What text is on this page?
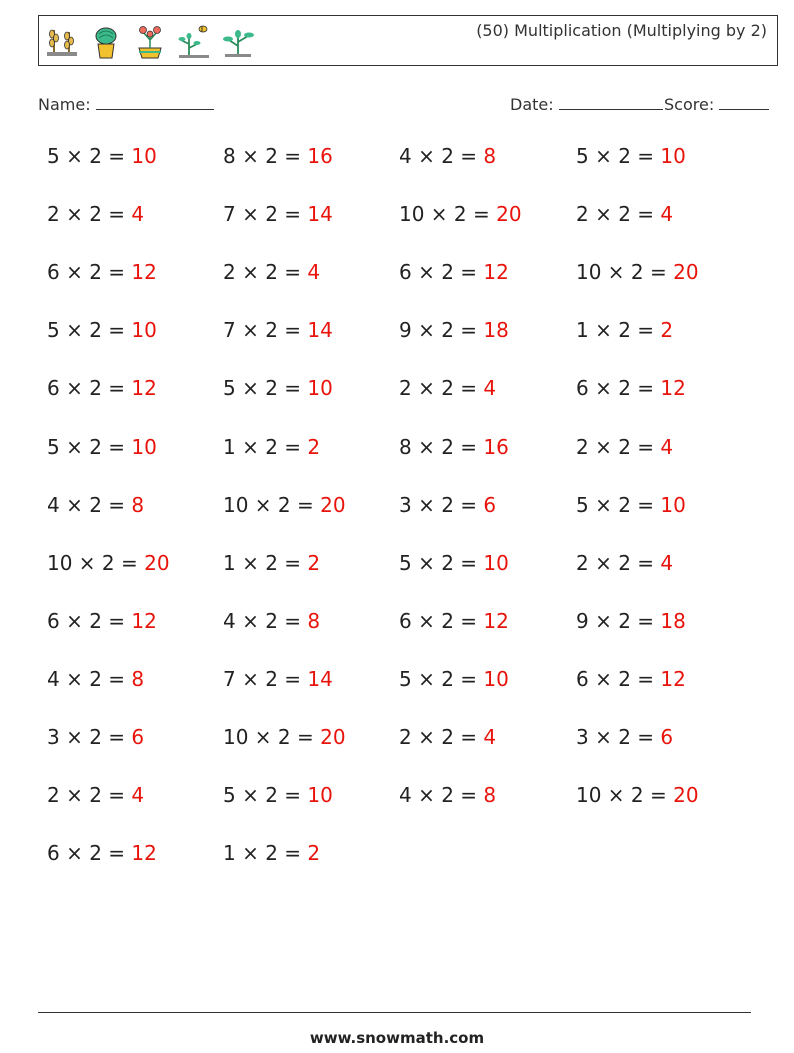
(50) Multiplication (Multiplying by 2)
Name:	Date:	Score:
5 × 2 = 10
2 × 2 = 4
6 × 2 = 12
5 × 2 = 10
6 × 2 = 12
5 × 2 = 10
4 × 2 = 8
10 × 2 = 20
6 × 2 = 12
4 × 2 = 8
3 × 2 = 6
2 × 2 = 4
6 × 2 = 12
8 × 2 = 16
7 × 2 = 14
2 × 2 = 4
7 × 2 = 14
5 × 2 = 10
1 × 2 = 2
10 × 2 = 20
1 × 2 = 2
4 × 2 = 8
7 × 2 = 14
10 × 2 = 20
5 × 2 = 10
1 × 2 = 2
4 × 2 = 8
10 × 2 = 20
6 × 2 = 12
9 × 2 = 18
2 × 2 = 4
8 × 2 = 16
3 × 2 = 6
5 × 2 = 10
6 × 2 = 12
5 × 2 = 10
2 × 2 = 4
4 × 2 = 8
5 × 2 = 10
2 × 2 = 4
10 × 2 = 20
1 × 2 = 2
6 × 2 = 12
2 × 2 = 4
5 × 2 = 10
2 × 2 = 4
9 × 2 = 18
6 × 2 = 12
3 × 2 = 6
10 × 2 = 20
www.snowmath.com
